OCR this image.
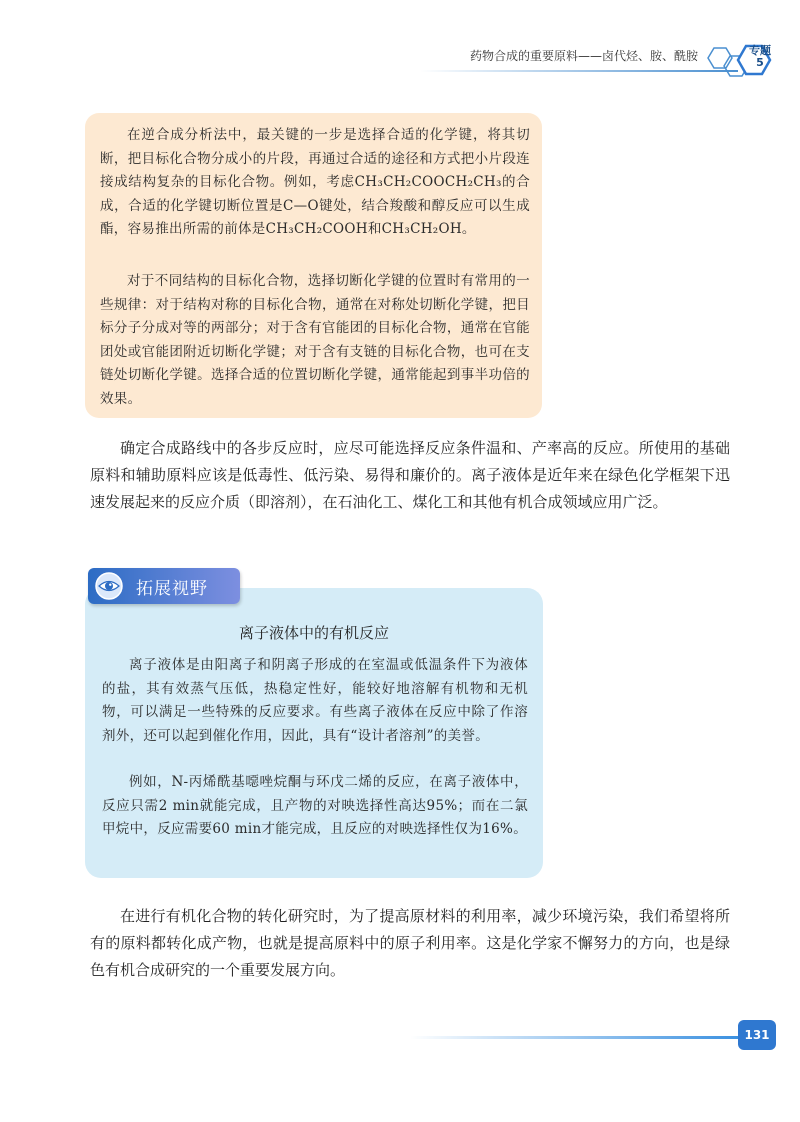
药物合成的重要原料——卤代烃、胺、酰胺	专题
5

在逆合成分析法中，最关键的一步是选择合适的化学键，将其切断，把目标化合物分成小的片段，再通过合适的途径和方式把小片段连接成结构复杂的目标化合物。例如，考虑CH₃CH₂COOCH₂CH₃的合成，合适的化学键切断位置是C—O键处，结合羧酸和醇反应可以生成酯，容易推出所需的前体是CH₃CH₂COOH和CH₃CH₂OH。

对于不同结构的目标化合物，选择切断化学键的位置时有常用的一些规律：对于结构对称的目标化合物，通常在对称处切断化学键，把目标分子分成对等的两部分；对于含有官能团的目标化合物，通常在官能团处或官能团附近切断化学键；对于含有支链的目标化合物，也可在支链处切断化学键。选择合适的位置切断化学键，通常能起到事半功倍的效果。

确定合成路线中的各步反应时，应尽可能选择反应条件温和、产率高的反应。所使用的基础原料和辅助原料应该是低毒性、低污染、易得和廉价的。离子液体是近年来在绿色化学框架下迅速发展起来的反应介质（即溶剂），在石油化工、煤化工和其他有机合成领域应用广泛。

拓展视野
离子液体中的有机反应

离子液体是由阳离子和阴离子形成的在室温或低温条件下为液体的盐，其有效蒸气压低，热稳定性好，能较好地溶解有机物和无机物，可以满足一些特殊的反应要求。有些离子液体在反应中除了作溶剂外，还可以起到催化作用，因此，具有“设计者溶剂”的美誉。

例如，N-丙烯酰基噁唑烷酮与环戊二烯的反应，在离子液体中，反应只需2 min就能完成，且产物的对映选择性高达95%；而在二氯甲烷中，反应需要60 min才能完成，且反应的对映选择性仅为16%。

在进行有机化合物的转化研究时，为了提高原材料的利用率，减少环境污染，我们希望将所有的原料都转化成产物，也就是提高原料中的原子利用率。这是化学家不懈努力的方向，也是绿色有机合成研究的一个重要发展方向。

131
